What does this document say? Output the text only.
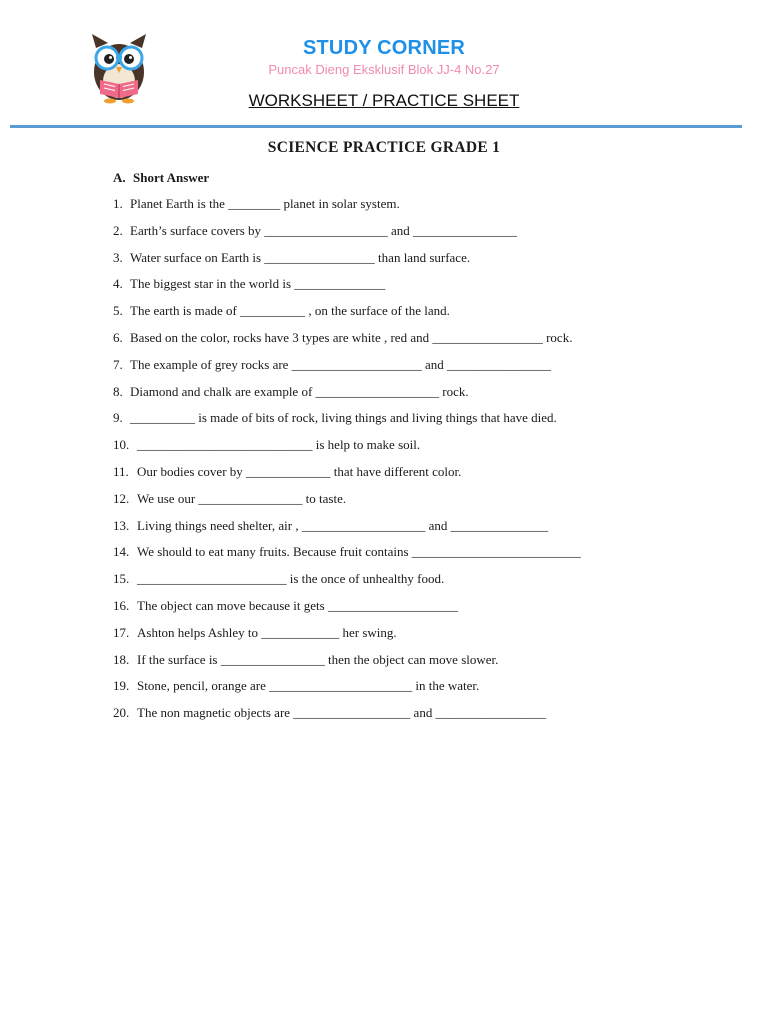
STUDY CORNER
Puncak Dieng Eksklusif Blok JJ-4 No.27
WORKSHEET / PRACTICE SHEET
SCIENCE PRACTICE GRADE 1
A. Short Answer
1. Planet Earth is the ________ planet in solar system.
2. Earth’s surface covers by ___________________ and ________________
3. Water surface on Earth is _________________ than land surface.
4. The biggest star in the world is ______________
5. The earth is made of __________ , on the surface of the land.
6. Based on the color, rocks have 3 types are white , red and _________________ rock.
7. The example of grey rocks are ____________________ and ________________
8. Diamond and chalk are example of ___________________ rock.
9. __________ is made of bits of rock, living things and living things that have died.
10. ___________________________ is help to make soil.
11. Our bodies cover by _____________ that have different color.
12. We use our ________________ to taste.
13. Living things need shelter, air , ___________________ and _______________
14. We should to eat many fruits. Because fruit contains __________________________
15. _______________________ is the once of unhealthy food.
16. The object can move because it gets ____________________
17. Ashton helps Ashley to ____________ her swing.
18. If the surface is ________________ then the object can move slower.
19. Stone, pencil, orange are ______________________ in the water.
20. The non magnetic objects are __________________ and _________________
